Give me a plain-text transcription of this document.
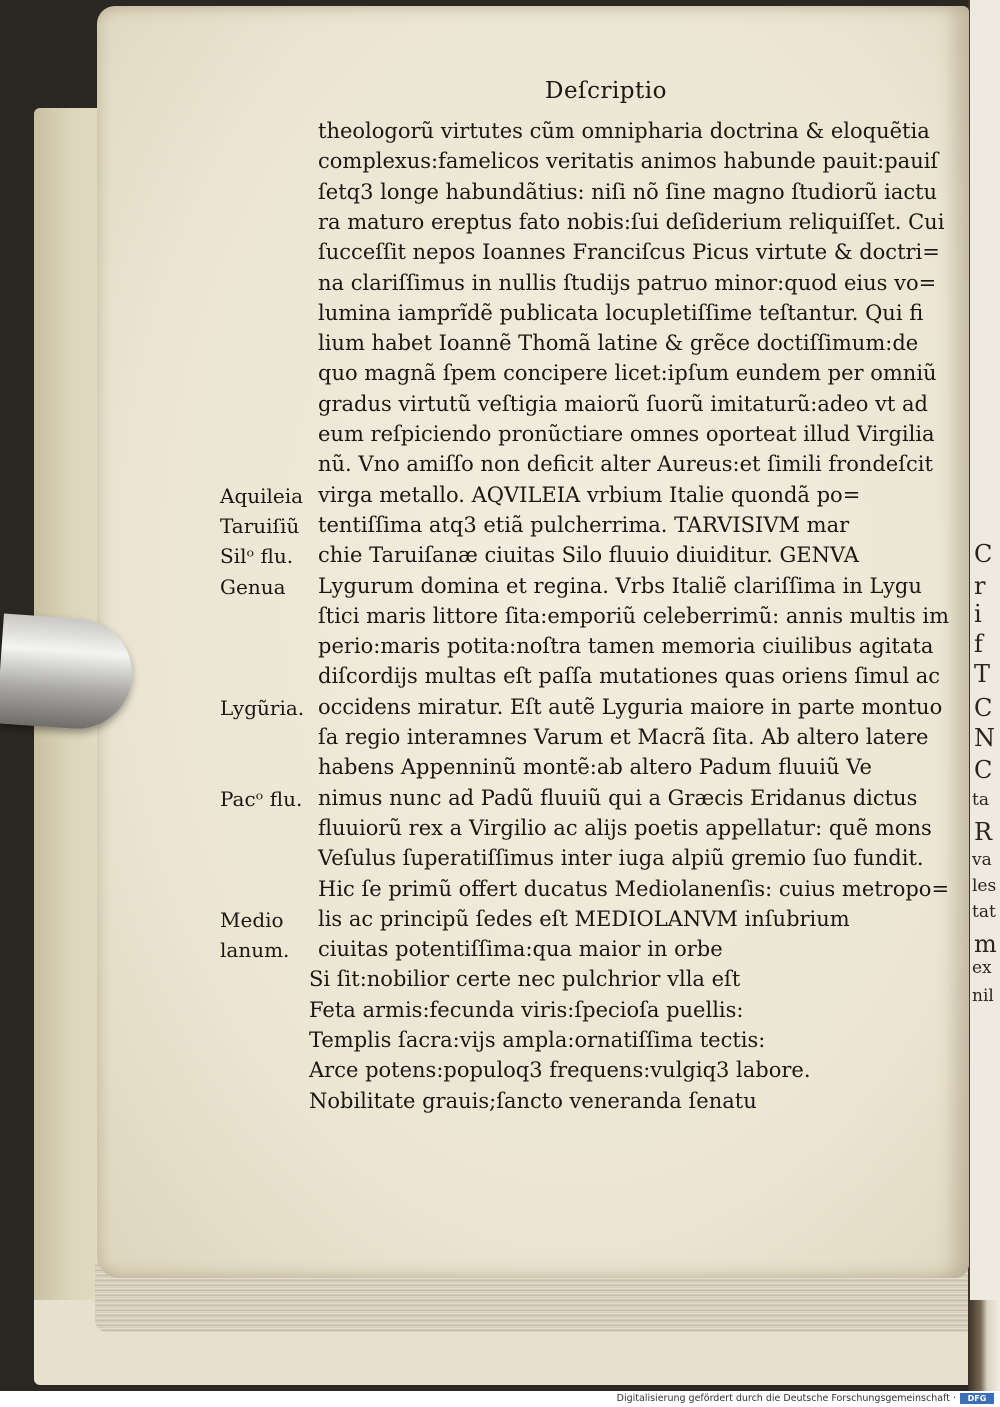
C
r
i
f
T
C
N
C
ta
R
va
les
tat
m
ex
nil
Deſcriptio
theologorũ virtutes cũm omnipharia doctrina & eloquẽtia
complexus:famelicos veritatis animos habunde pauit:pauiſ
ſetq3 longe habundãtius: niſi nõ ſine magno ſtudiorũ iactu
ra maturo ereptus fato nobis:ſui deſiderium reliquiſſet. Cui
ſucceſſit nepos Ioannes Franciſcus Picus virtute & doctri=
na clariſſimus in nullis ſtudijs patruo minor:quod eius vo=
lumina iamprĩdẽ publicata locupletiſſime teſtantur. Qui fi
lium habet Ioannẽ Thomã latine & grẽce doctiſſimum:de
quo magnã ſpem concipere licet:ipſum eundem per omniũ
gradus virtutũ veſtigia maiorũ ſuorũ imitaturũ:adeo vt ad
eum reſpiciendo pronũctiare omnes oporteat illud Virgilia
nũ. Vno amiſſo non deficit alter Aureus:et ſimili frondeſcit
virga metallo. AQVILEIA vrbium Italie quondã po=
tentiſſima atq3 etiã pulcherrima. TARVISIVM mar
chie Taruiſanæ ciuitas Silo fluuio diuiditur. GENVA
Lygurum domina et regina. Vrbs Italiẽ clariſſima in Lygu
ſtici maris littore ſita:emporiũ celeberrimũ: annis multis im
perio:maris potita:noſtra tamen memoria ciuilibus agitata
diſcordijs multas eſt paſſa mutationes quas oriens ſimul ac
occidens miratur. Eſt autẽ Lyguria maiore in parte montuo
ſa regio interamnes Varum et Macrã ſita. Ab altero latere
habens Appenninũ montẽ:ab altero Padum fluuiũ Ve
nimus nunc ad Padũ fluuiũ qui a Græcis Eridanus dictus
fluuiorũ rex a Virgilio ac alijs poetis appellatur: quẽ mons
Veſulus ſuperatiſſimus inter iuga alpiũ gremio ſuo fundit.
Hic ſe primũ offert ducatus Mediolanenſis: cuius metropo=
lis ac principũ ſedes eſt MEDIOLANVM inſubrium
ciuitas potentiſſima:qua maior in orbe
Si ſit:nobilior certe nec pulchrior vlla eſt
Feta armis:fecunda viris:ſpecioſa puellis:
Templis ſacra:vijs ampla:ornatiſſima tectis:
Arce potens:populoq3 frequens:vulgiq3 labore.
Nobilitate grauis;ſancto veneranda ſenatu
Aquileia
Taruiſiũ
Silᵒ flu.
Genua
Lygũria.
Pacᵒ flu.
Medio
lanum.
Digitalisierung gefördert durch die Deutsche Forschungsgemeinschaft ·	DFG
